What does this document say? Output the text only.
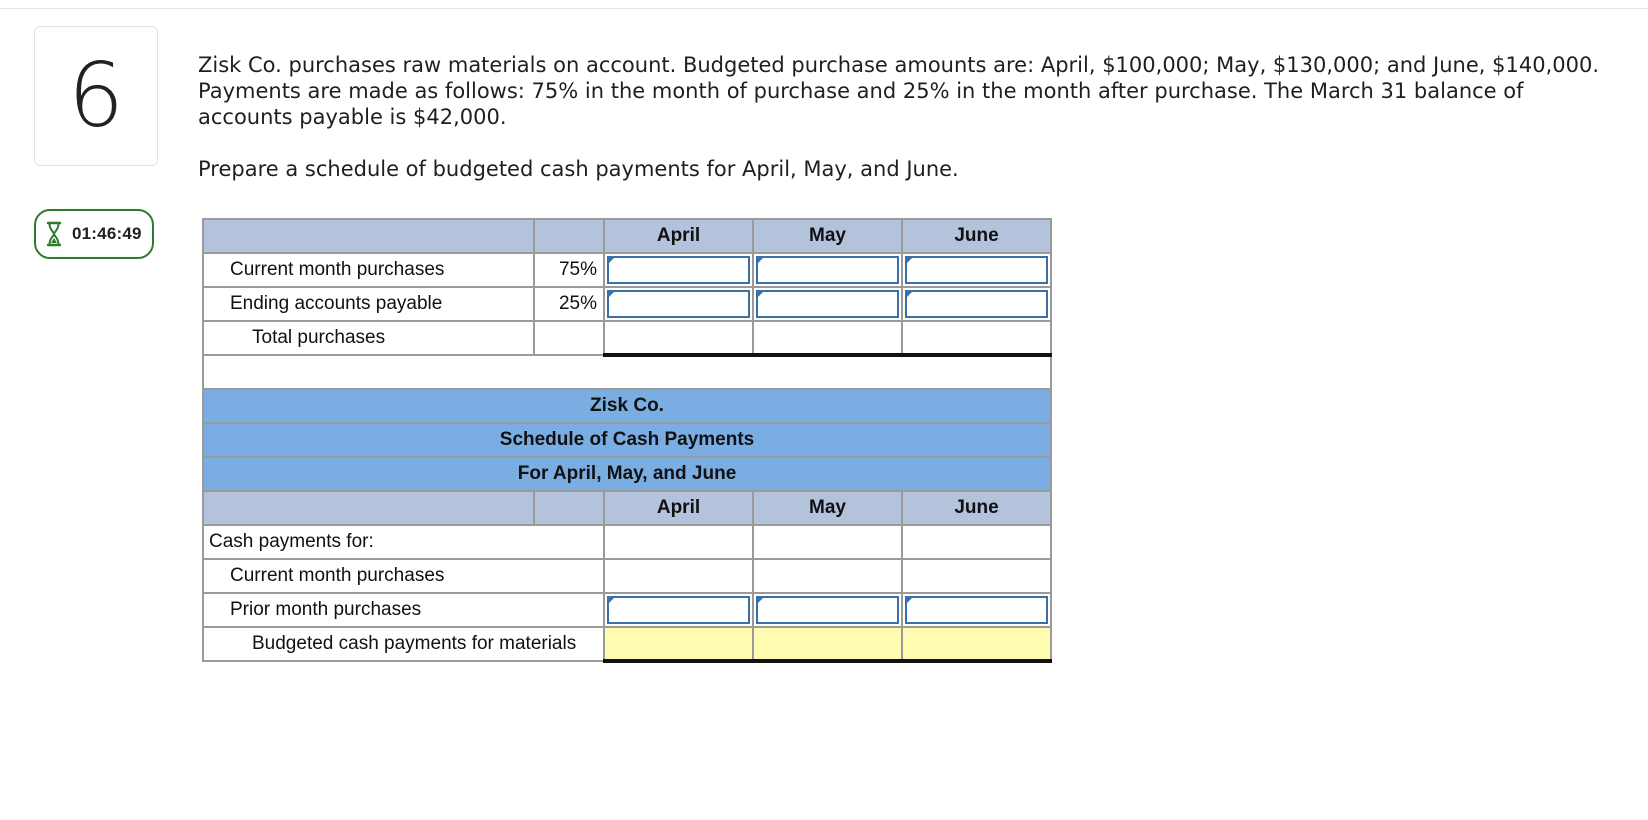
6
01:46:49

Zisk Co. purchases raw materials on account. Budgeted purchase amounts are: April, $100,000; May, $130,000; and June, $140,000. Payments are made as follows: 75% in the month of purchase and 25% in the month after purchase. The March 31 balance of accounts payable is $42,000.

Prepare a schedule of budgeted cash payments for April, May, and June.

		April	May	June
Current month purchases	75%	

Ending accounts payable	25%	

Total purchases				

Zisk Co.				
Schedule of Cash Payments				
For April, May, and June				
		April	May	June
Cash payments for:				
Current month purchases				
Prior month purchases		

Budgeted cash payments for materials				
